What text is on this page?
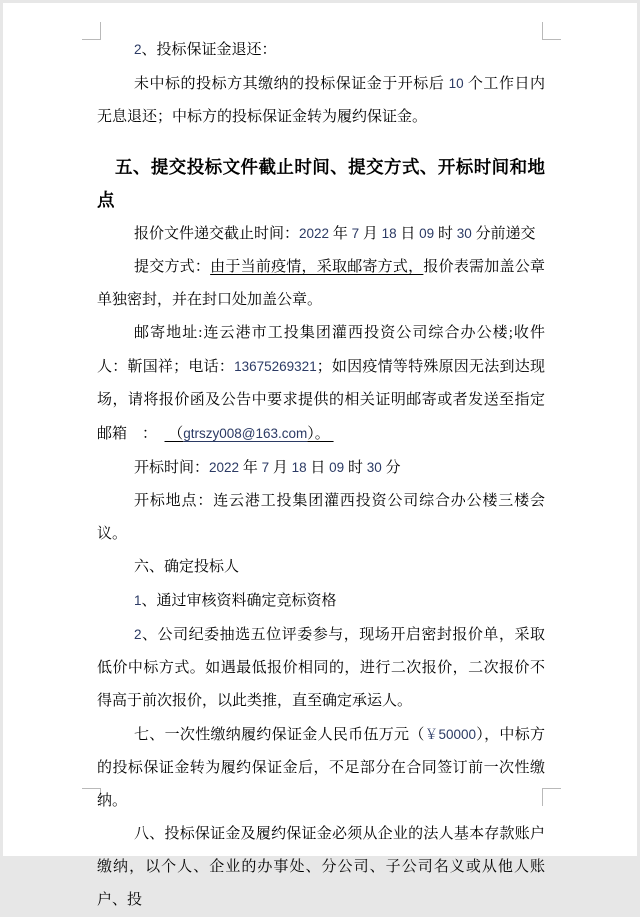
2、投标保证金退还：

未中标的投标方其缴纳的投标保证金于开标后 10 个工作日内无息退还；中标方的投标保证金转为履约保证金。

五、提交投标文件截止时间、提交方式、开标时间和地点

报价文件递交截止时间：2022 年 7 月 18 日 09 时 30 分前递交

提交方式：由于当前疫情，采取邮寄方式，报价表需加盖公章单独密封，并在封口处加盖公章。

邮寄地址:连云港市工投集团灌西投资公司综合办公楼;收件人：靳国祥；电话：13675269321；如因疫情等特殊原因无法到达现场，请将报价函及公告中要求提供的相关证明邮寄或者发送至指定邮箱　：　 （gtrszy008@163.com）。

开标时间：2022 年 7 月 18 日 09 时 30 分

开标地点：连云港工投集团灌西投资公司综合办公楼三楼会议。

六、确定投标人

1、通过审核资料确定竞标资格

2、公司纪委抽选五位评委参与，现场开启密封报价单，采取低价中标方式。如遇最低报价相同的，进行二次报价，二次报价不得高于前次报价，以此类推，直至确定承运人。

七、一次性缴纳履约保证金人民币伍万元（￥50000），中标方的投标保证金转为履约保证金后，不足部分在合同签订前一次性缴纳。

八、投标保证金及履约保证金必须从企业的法人基本存款账户缴纳，以个人、企业的办事处、分公司、子公司名义或从他人账户、投
